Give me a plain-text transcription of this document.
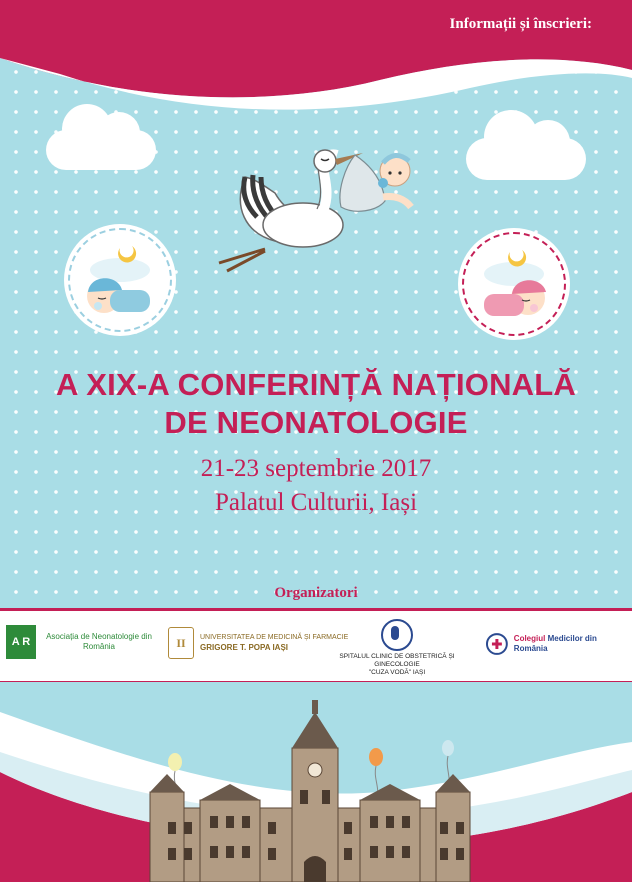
Informații și înscrieri:

A XIX-A CONFERINȚĂ NAȚIONALĂ

DE NEONATOLOGIE

21-23 septembrie 2017

Palatul Culturii, Iași

Organizatori
A R	Asociația de Neonatologie din România	II	UNIVERSITATEA DE MEDICINĂ ȘI FARMACIE
GRIGORE T. POPA IAȘI
SPITALUL CLINIC DE OBSTETRICĂ ȘI GINECOLOGIE
"CUZA VODĂ" IAȘI
Colegiul Medicilor din România
